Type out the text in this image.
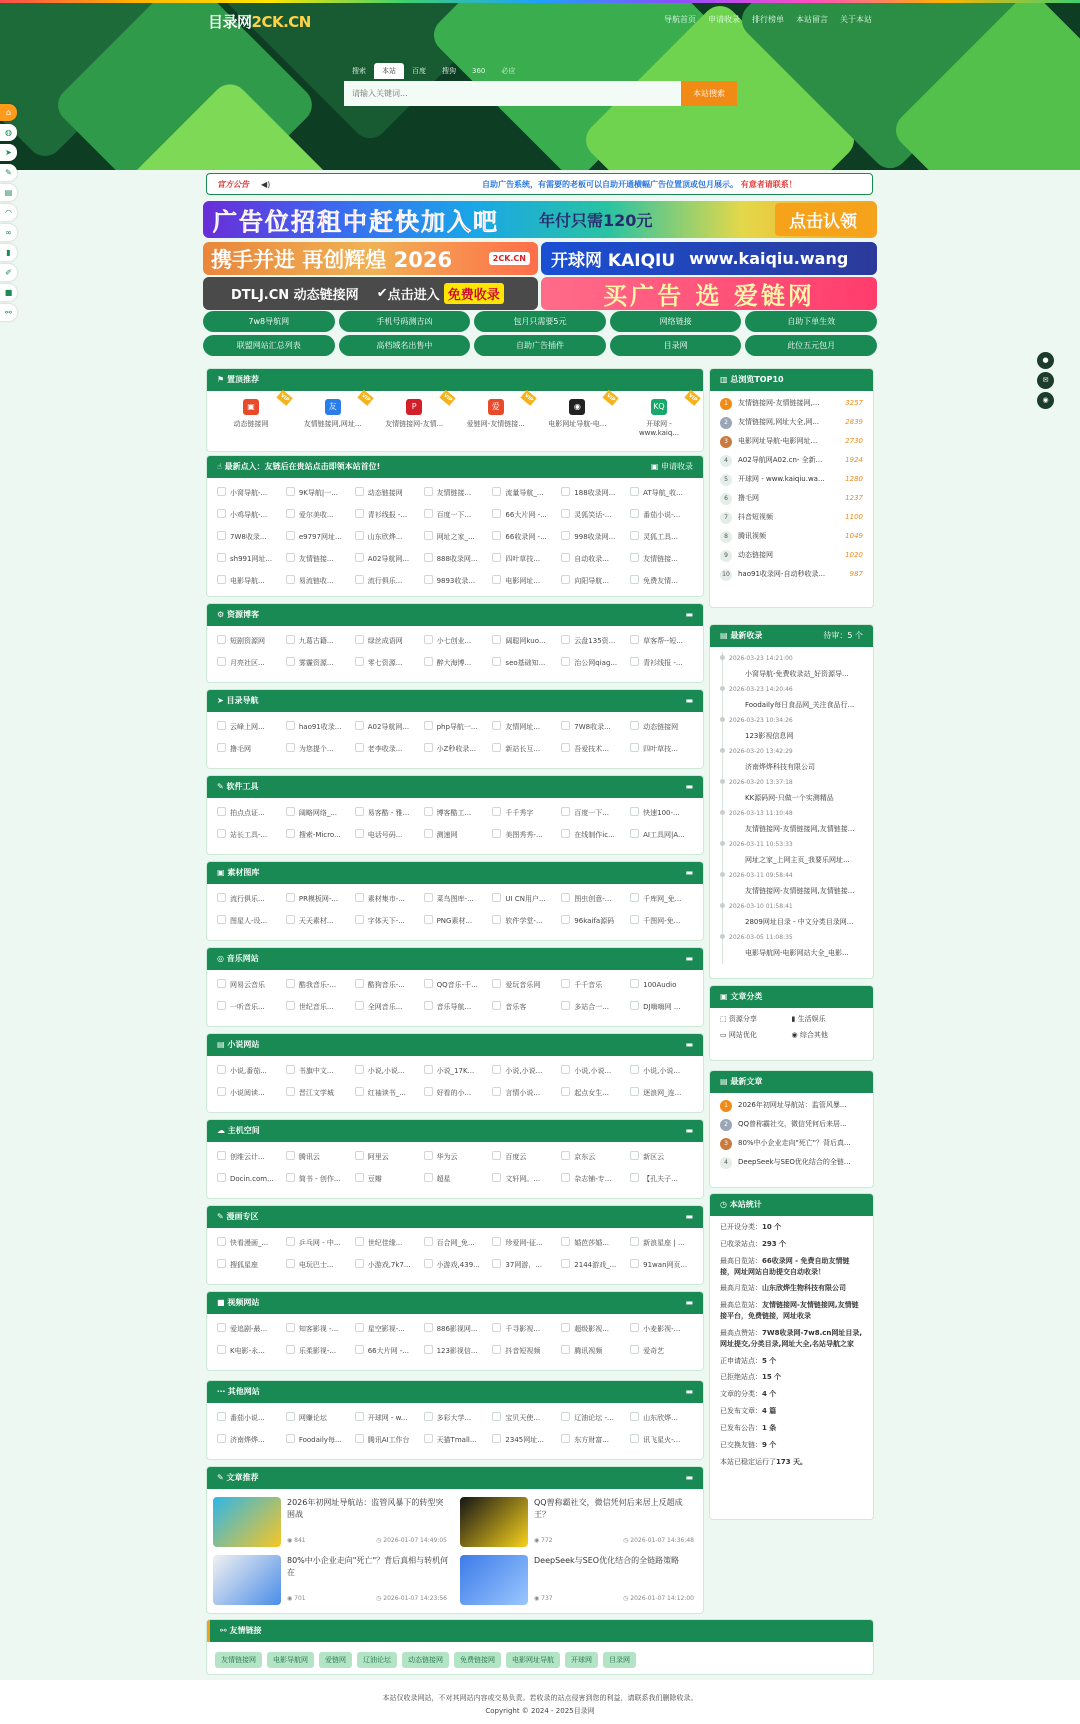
目录网2CK.CN	导航首页 申请收录 排行榜单 本站留言 关于本站
搜索	本站	百度	搜狗	360	必应
请输入关键词...
本站搜索
⌂
◍
➤
✎
▤
◠
∞
▮
✐
■
⚯
●
✉
◉
官方公告 ◀)	自助广告系统，有需要的老板可以自助开通横幅广告位置顶或包月展示。 有意者请联系！
广告位招租中赶快加入吧	年付只需120元	点击认领
携手并进 再创辉煌 2026	2CK.CN 开球网 KAIQIU www.kaiqiu.wang
DTLJ.CN 动态链接网 ✔ 点击进入 免费收录	买广告 选 爱链网
7w8导航网	手机号码测吉凶	包月只需要5元	网络链接	自助下单生效
联盟网站汇总列表	高档域名出售中	自助广告插件	目录网	此位五元包月
⚑ 置顶推荐
VIP
▣
动态链接网
VIP
友
友情链接网,网址...
VIP
P
友情链接网-友情...
VIP
爱
爱链网-友情链接...
VIP
◉
电影网址导航-电...
VIP
KQ
开球网 - www.kaiq...
☝ 最新点入：友链后在贵站点击即领本站首位!	▣ 申请收录
小窝导航-...	9K导航|一...	动态链接网	友情链接...	流量导航_...	188收录网...	AT导航_收...
小鸡导航-...	爱尔美收...	青衫线报 -...	百度一下...	66大片网 -...	灵狐笑话-...	番茄小说-...
7W8收录...	e9797网址...	山东欣烨...	网址之家_...	66收录网 -...	998收录网...	灵狐工具...
sh991网址...	友情链接...	A02导航网...	888收录网...	四叶草技...	自动收录...	友情链接...
电影导航...	易流链收...	流行俱乐...	9893收录...	电影网址...	向阳导航...	免费友情...
⚙ 资源博客	▬
短剧资源网	九葛古籍...	绿丝成语网	小七创业...	阔聪网kuo...	云盘135资...	草客帮--短...
月亮社区...	雾霾资源...	零七资源...	醉大海博...	seo基础知...	治公网qiag...	青衫线报 -...
➤ 目录导航	▬
云峰上网...	hao91收录...	A02导航网...	php导航一...	友情网址...	7W8收录...	动态链接网
撸毛网	为您提个...	老李收录...	小Z秒收录...	新站长互...	吾爱技术...	四叶草技...
✎ 软件工具	▬
拍点点证...	阔略网络_...	易客酷 - 雅...	博客酷工...	千千秀字	百度一下...	快速100-...
站长工具-...	搜索-Micro...	电话号码...	测速网	美图秀秀-...	在线制作ic...	AI工具网|A...
▣ 素材图库	▬
流行俱乐...	PR模板网-...	素材集市-...	菜鸟图库-...	UI CN用户...	图虫创意-...	千库网_免...
图星人-设...	天天素材...	字体天下-...	PNG素材...	软件学堂-...	96kaifa源码	千图网-免...
◎ 音乐网站	▬
网易云音乐	酷我音乐-...	酷狗音乐-...	QQ音乐-千...	爱玩音乐网	千千音乐	100Audio
一听音乐...	世纪音乐...	全网音乐...	音乐导航...	音乐客	多站合一...	DJ嗨嗨网 ...
▤ 小说网站	▬
小说,番茄...	书旗中文...	小说,小说...	小说_17K...	小说,小说...	小说,小说...	小说,小说...
小说阅读...	晋江文学城	红袖读书_...	好看的小...	言情小说...	起点女生...	逐浪网_连...
☁ 主机空间	▬
创维云计...	腾讯云	阿里云	华为云	百度云	京东云	新区云
Docin.com...	简书 - 创作...	豆瓣	超星	文轩网。...	杂志铺-专...	【孔夫子...
✎ 漫画专区	▬
快看漫画_...	乒乓网 - 中...	世纪佳缘...	百合网_免...	珍爱网-征...	婚芭莎婚...	新浪星座 | ...
搜狐星座	电玩巴士...	小游戏,7k7...	小游戏,439...	37网游，...	2144游戏_...	91wan网页...
■ 视频网站	▬
爱追剧-最...	知客影视 -...	星空影视-...	886影视网...	千寻影视...	超级影视...	小麦影视-...
K电影-永...	乐柔影视-...	66大片网 -...	123影视信...	抖音短视频	腾讯视频	爱奇艺
⋯ 其他网站	▬
番茄小说...	网赚论坛	开球网 - w...	多彩大学...	宝贝天使...	辽油论坛 -...	山东欣烨...
济南烨烨...	Foodaily每...	腾讯AI工作台	天猫Tmall...	2345网址...	东方财富...	讯飞星火-...
✎ 文章推荐	▬
2026年初网址导航站：监管风暴下的转型突围战
◉ 841	◷ 2026-01-07 14:49:05
QQ曾称霸社交，微信凭何后来居上反超成王？
◉ 772	◷ 2026-01-07 14:36:48
80%中小企业走向"死亡"？背后真相与转机何在
◉ 701	◷ 2026-01-07 14:23:56
DeepSeek与SEO优化结合的全链路策略
◉ 737	◷ 2026-01-07 14:12:00
⚯ 友情链接
友情链接网	电影导航网	爱链网	辽油论坛	动态链接网	免费链接网	电影网址导航	开球网	目录网
▥ 总浏览TOP10
1	友情链接网-友情链接网,...	3257
2	友情链接网,网址大全,网...	2839
3	电影网址导航-电影网址...	2730
4	A02导航网A02.cn- 全新...	1924
5	开球网 - www.kaiqiu.wa...	1280
6	撸毛网	1237
7	抖音短视频	1100
8	腾讯视频	1049
9	动态链接网	1020
10	hao91收录网-自动秒收录...	987
▤ 最新收录	待审：5 个
2026-03-23 14:21:00
小窝导航-免费收录站_好资源导...
2026-03-23 14:20:46
Foodaily每日食品网_关注食品行...
2026-03-23 10:34:26
123影视信息网
2026-03-20 13:42:29
济南烨烨科技有限公司
2026-03-20 13:37:18
KK源码网-只做一个实测精品
2026-03-13 11:10:48
友情链接网-友情链接网,友情链接...
2026-03-11 10:53:33
网址之家_上网主页_我要乐网址...
2026-03-11 09:58:44
友情链接网-友情链接网,友情链接...
2026-03-10 01:58:41
2809网址目录 - 中文分类目录网...
2026-03-05 11:08:35
电影导航网-电影网站大全_电影...
▣ 文章分类
⬚ 资源分享	▮ 生活娱乐
▭ 网站优化	◉ 综合其他
▤ 最新文章
1	2026年初网址导航站：监管风暴...
2	QQ曾称霸社交，微信凭何后来居...
3	80%中小企业走向"死亡"？背后真...
4	DeepSeek与SEO优化结合的全链...
◷ 本站统计
已开设分类：10 个
已收录站点：293 个
最高日览站：66收录网 - 免费自助友情链接，网址网站自助提交自动收录！
最高月览站：山东欣烨生物科技有限公司
最高总览站：友情链接网-友情链接网,友情链接平台，免费链接，网址收录
最高点赞站：7W8收录网-7w8.cn网址目录,网址提交,分类目录,网址大全,名站导航之家
正申请站点：5 个
已拒绝站点：15 个
文章的分类：4 个
已发布文章：4 篇
已发布公告：1 条
已交换友链：9 个
本站已稳定运行了173 天。
本站仅收录网站，不对其网站内容或交易负责。若收录的站点侵害到您的利益，请联系我们删除收录。
Copyright © 2024 - 2025目录网
